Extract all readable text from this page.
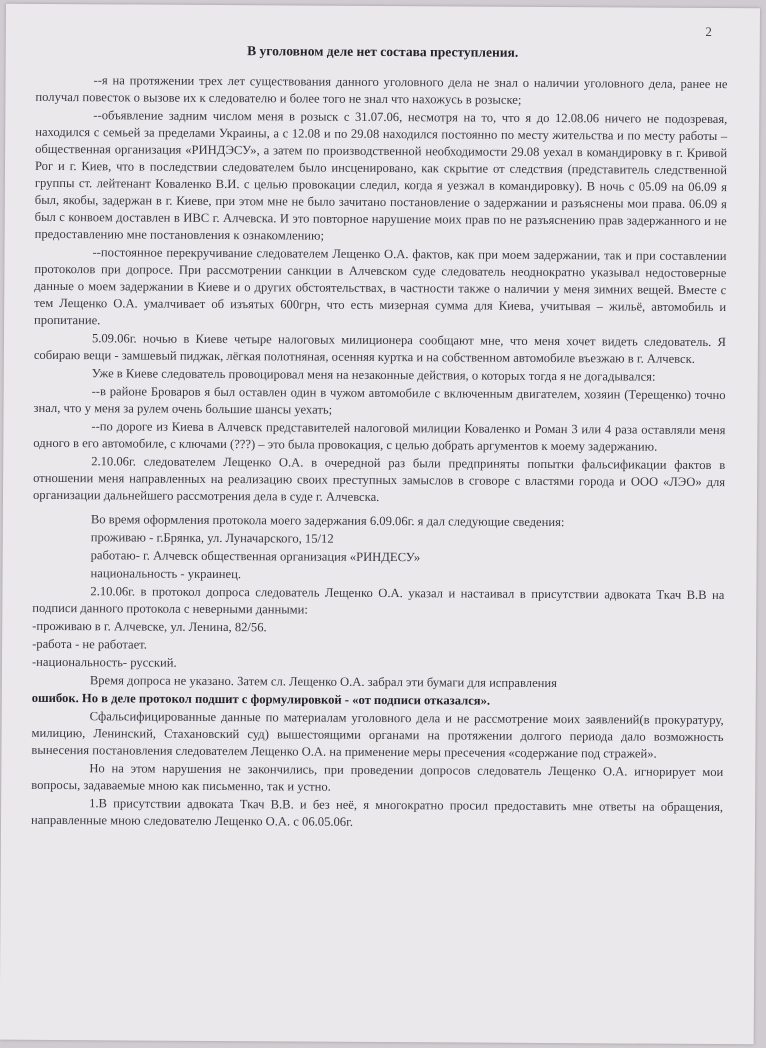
2
В уголовном деле нет состава преступления.

--я на протяжении трех лет существования данного уголовного дела не знал о наличии уголовного дела, ранее не получал повесток о вызове их к следователю и более того не знал что нахожусь в розыске;

--объявление задним числом меня в розыск с 31.07.06, несмотря на то, что я до 12.08.06 ничего не подозревая, находился с семьей за пределами Украины, а с 12.08 и по 29.08 находился постоянно по месту жительства и по месту работы – общественная организация «РИНДЭСУ», а затем по производственной необходимости 29.08 уехал в командировку в г. Кривой Рог и г. Киев, что в последствии следователем было инсценировано, как скрытие от следствия (представитель следственной группы ст. лейтенант Коваленко В.И. с целью провокации следил, когда я уезжал в командировку). В ночь с 05.09 на 06.09 я был, якобы, задержан в г. Киеве, при этом мне не было зачитано постановление о задержании и разъяснены мои права. 06.09 я был с конвоем доставлен в ИВС г. Алчевска. И это повторное нарушение моих прав по не разъяснению прав задержанного и не предоставлению мне постановления к ознакомлению;

--постоянное перекручивание следователем Лещенко О.А. фактов, как при моем задержании, так и при составлении протоколов при допросе. При рассмотрении санкции в Алчевском суде следователь неоднократно указывал недостоверные данные о моем задержании в Киеве и о других обстоятельствах, в частности также о наличии у меня зимних вещей. Вместе с тем Лещенко О.А. умалчивает об изъятых 600грн, что есть мизерная сумма для Киева, учитывая – жильё, автомобиль и пропитание.

5.09.06г. ночью в Киеве четыре налоговых милиционера сообщают мне, что меня хочет видеть следователь. Я собираю вещи - замшевый пиджак, лёгкая полотняная, осенняя куртка и на собственном автомобиле въезжаю в г. Алчевск.

Уже в Киеве следователь провоцировал меня на незаконные действия, о которых тогда я не догадывался:

--в районе Броваров я был оставлен один в чужом автомобиле с включенным двигателем, хозяин (Терещенко) точно знал, что у меня за рулем очень большие шансы уехать;

--по дороге из Киева в Алчевск представителей налоговой милиции Коваленко и Роман 3 или 4 раза оставляли меня одного в его автомобиле, с ключами (???) – это была провокация, с целью добрать аргументов к моему задержанию.

2.10.06г. следователем Лещенко О.А. в очередной раз были предприняты попытки фальсификации фактов в отношении меня направленных на реализацию своих преступных замыслов в сговоре с властями города и ООО «ЛЭО» для организации дальнейшего рассмотрения дела в суде г. Алчевска.

Во время оформления протокола моего задержания 6.09.06г. я дал следующие сведения:

проживаю - г.Брянка, ул. Луначарского, 15/12

работаю- г. Алчевск общественная организация «РИНДЕСУ»

национальность - украинец.

2.10.06г. в протокол допроса следователь Лещенко О.А. указал и настаивал в присутствии адвоката Ткач В.В на подписи данного протокола с неверными данными:

-проживаю в г. Алчевске, ул. Ленина, 82/56.

-работа - не работает.

-национальность- русский.

Время допроса не указано. Затем сл. Лещенко О.А. забрал эти бумаги для исправления

ошибок. Но в деле протокол подшит с формулировкой - «от подписи отказался».

Сфальсифицированные данные по материалам уголовного дела и не рассмотрение моих заявлений(в прокуратуру, милицию, Ленинский, Стахановский суд) вышестоящими органами на протяжении долгого периода дало возможность вынесения постановления следователем Лещенко О.А. на применение меры пресечения «содержание под стражей».

Но на этом нарушения не закончились, при проведении допросов следователь Лещенко О.А. игнорирует мои вопросы, задаваемые мною как письменно, так и устно.

1.В присутствии адвоката Ткач В.В. и без неё, я многократно просил предоставить мне ответы на обращения, направленные мною следователю Лещенко О.А. с 06.05.06г.
